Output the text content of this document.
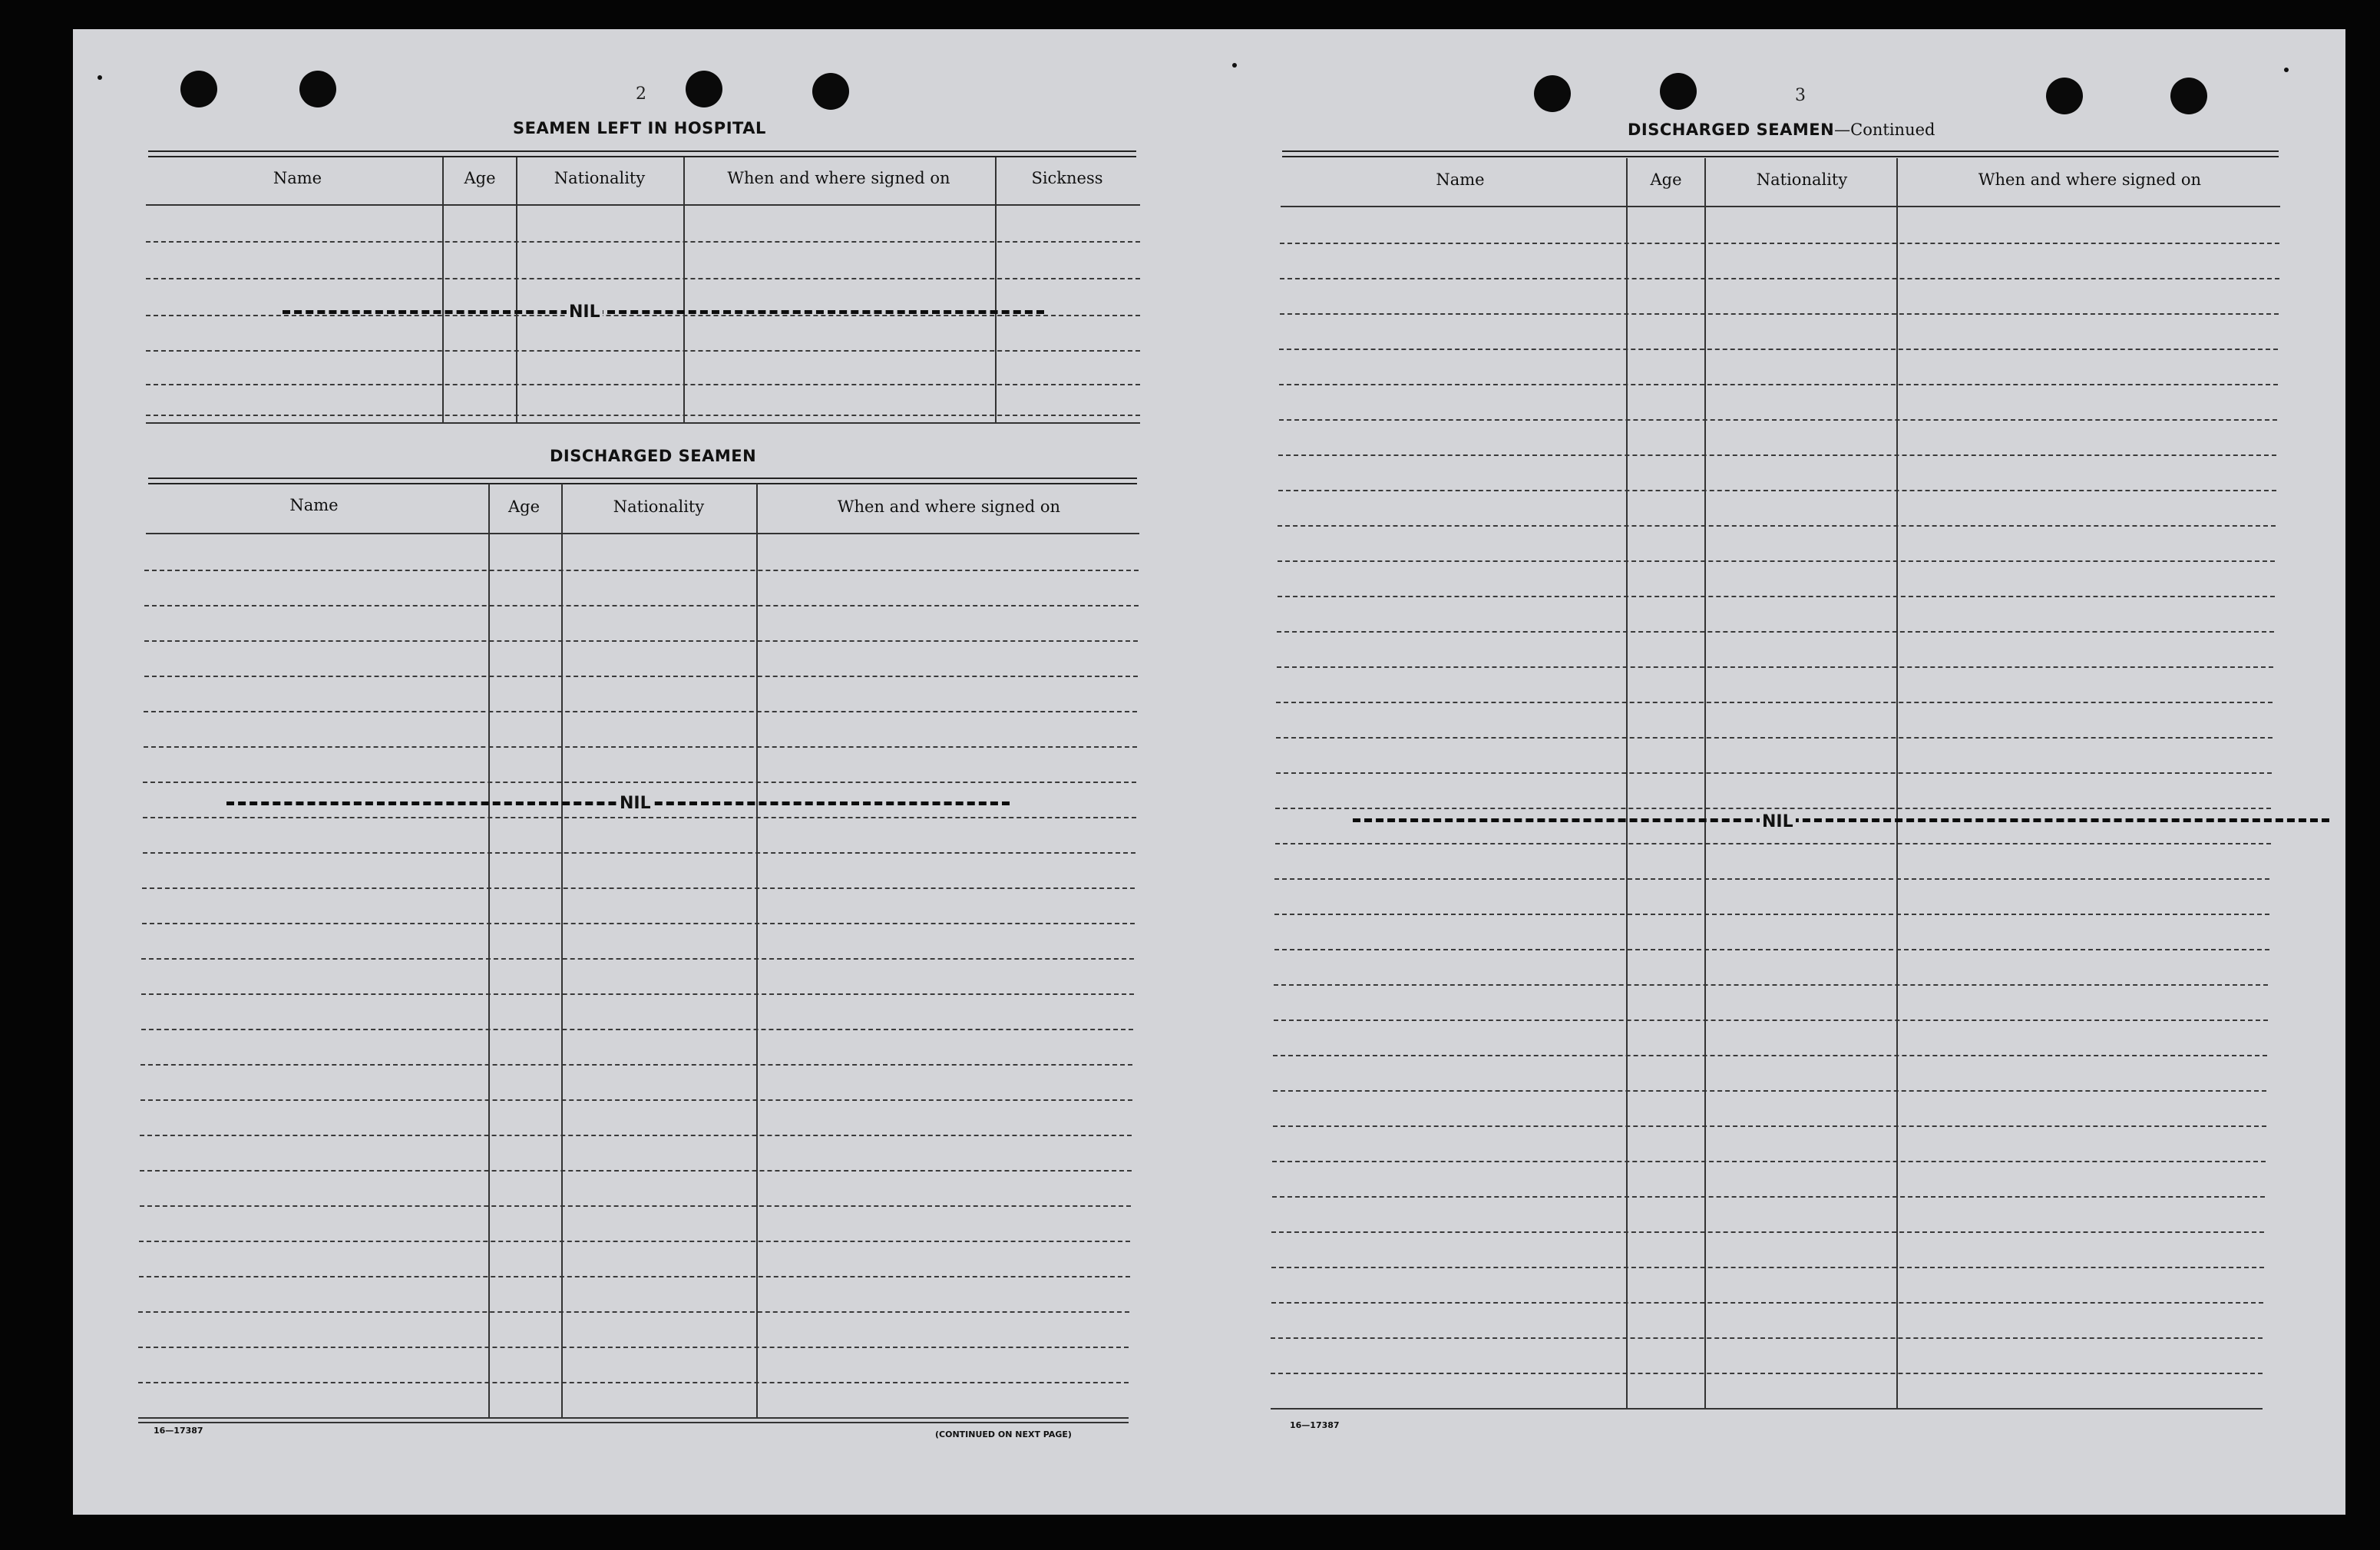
2
SEAMEN LEFT IN HOSPITAL
Name	Age	Nationality	When and where signed on	Sickness
NIL
DISCHARGED SEAMEN
Name	Age	Nationality	When and where signed on
NIL
16—17387	(CONTINUED ON NEXT PAGE)
3
DISCHARGED SEAMEN—Continued
Name	Age	Nationality	When and where signed on
NIL
16—17387
